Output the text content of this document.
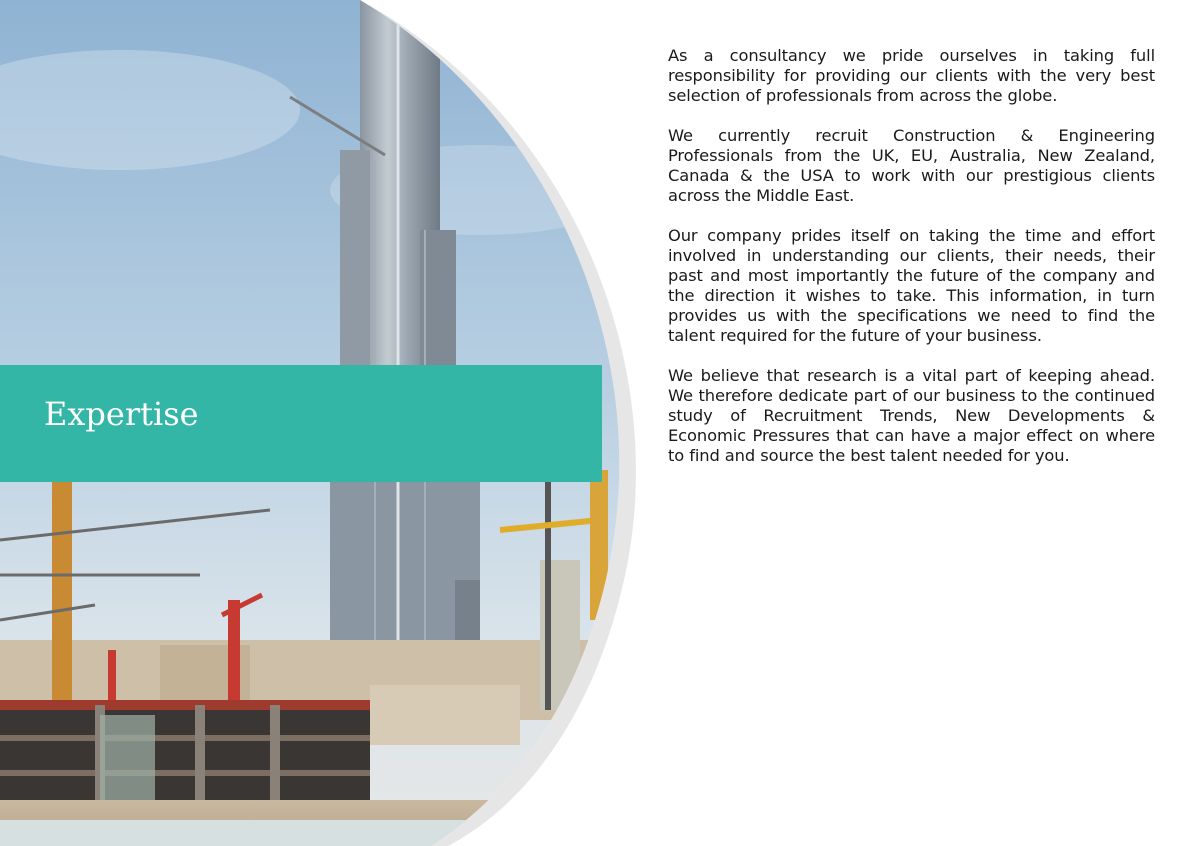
Expertise

As a consultancy we pride ourselves in taking full responsibility for providing our clients with the very best selection of professionals from across the globe.

We currently recruit Construction & Engineering Professionals from the UK, EU, Australia, New Zealand, Canada & the USA to work with our prestigious clients across the Middle East.

Our company prides itself on taking the time and effort involved in understanding our clients, their needs, their past and most importantly the future of the company and the direction it wishes to take. This information, in turn provides us with the specifications we need to find the talent required for the future of your business.

We believe that research is a vital part of keeping ahead. We therefore dedicate part of our business to the continued study of Recruitment Trends, New Developments & Economic Pressures that can have a major effect on where to find and source the best talent needed for you.
